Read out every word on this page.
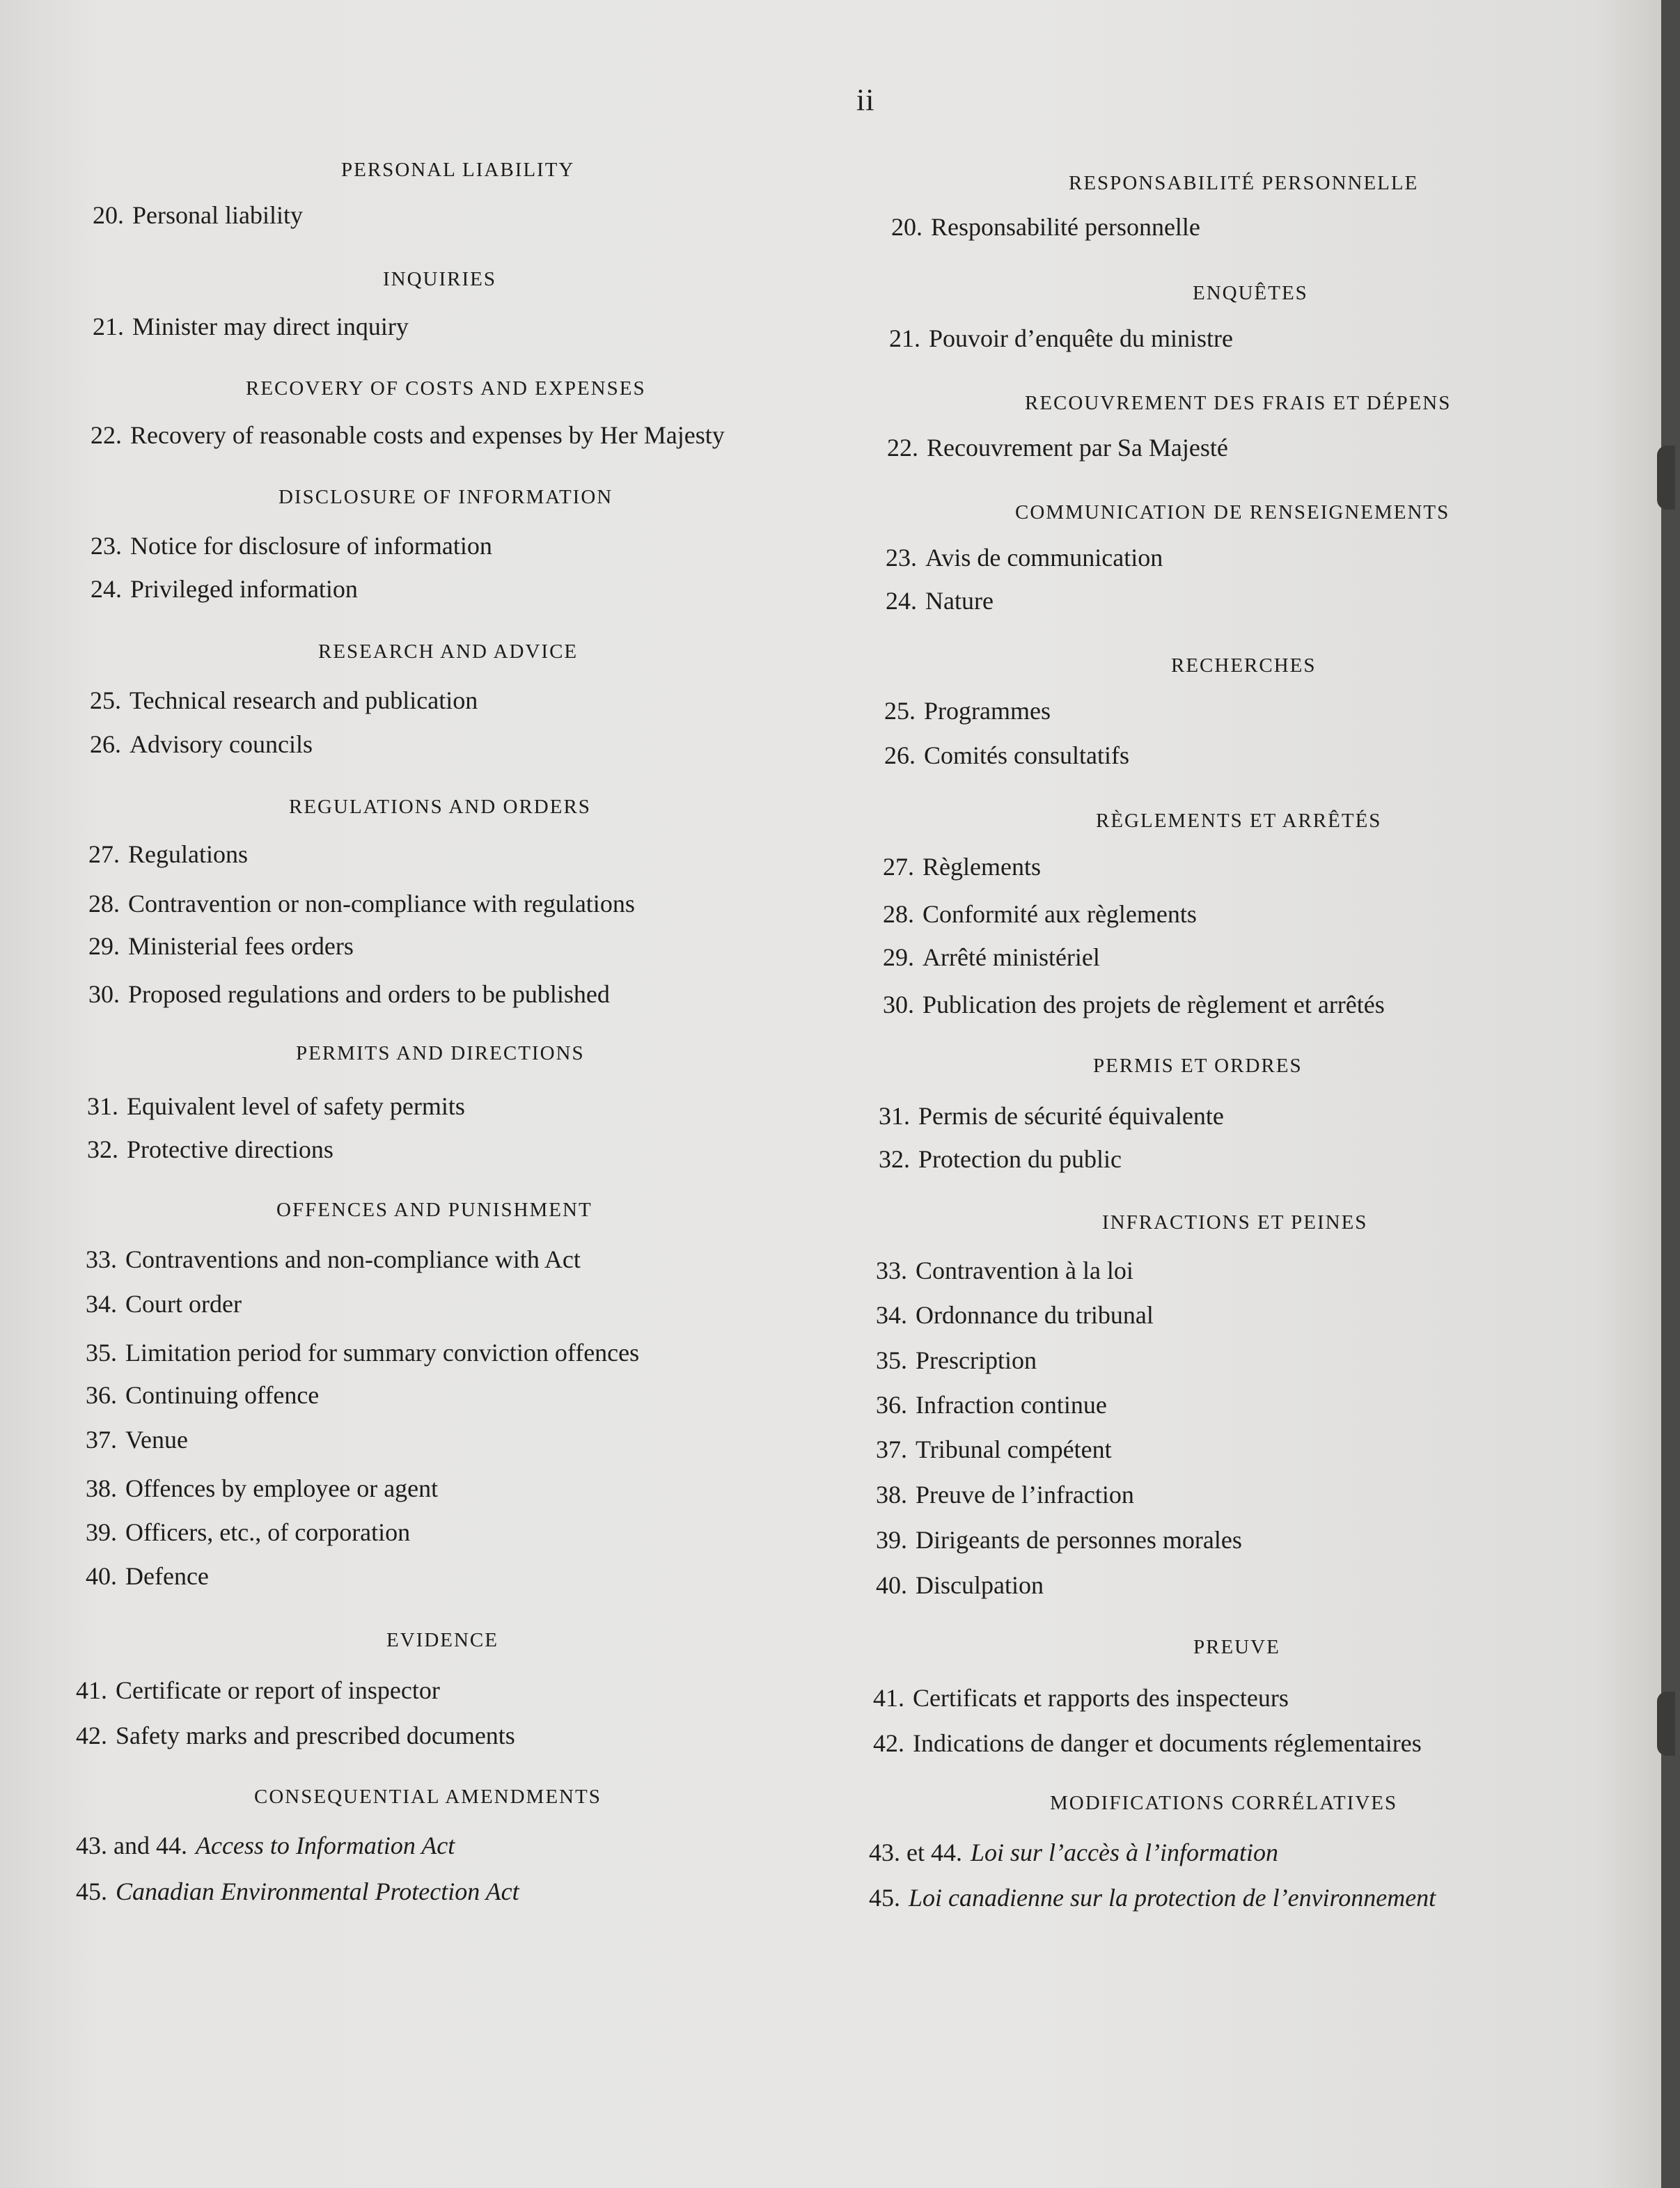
ii
PERSONAL LIABILITY
20. Personal liability
INQUIRIES
21. Minister may direct inquiry
RECOVERY OF COSTS AND EXPENSES
22. Recovery of reasonable costs and expenses by Her Majesty
DISCLOSURE OF INFORMATION
23. Notice for disclosure of information
24. Privileged information
RESEARCH AND ADVICE
25. Technical research and publication
26. Advisory councils
REGULATIONS AND ORDERS
27. Regulations
28. Contravention or non-compliance with regulations
29. Ministerial fees orders
30. Proposed regulations and orders to be published
PERMITS AND DIRECTIONS
31. Equivalent level of safety permits
32. Protective directions
OFFENCES AND PUNISHMENT
33. Contraventions and non-compliance with Act
34. Court order
35. Limitation period for summary conviction offences
36. Continuing offence
37. Venue
38. Offences by employee or agent
39. Officers, etc., of corporation
40. Defence
EVIDENCE
41. Certificate or report of inspector
42. Safety marks and prescribed documents
CONSEQUENTIAL AMENDMENTS
43. and 44. Access to Information Act
45. Canadian Environmental Protection Act
RESPONSABILITÉ PERSONNELLE
20. Responsabilité personnelle
ENQUÊTES
21. Pouvoir d’enquête du ministre
RECOUVREMENT DES FRAIS ET DÉPENS
22. Recouvrement par Sa Majesté
COMMUNICATION DE RENSEIGNEMENTS
23. Avis de communication
24. Nature
RECHERCHES
25. Programmes
26. Comités consultatifs
RÈGLEMENTS ET ARRÊTÉS
27. Règlements
28. Conformité aux règlements
29. Arrêté ministériel
30. Publication des projets de règlement et arrêtés
PERMIS ET ORDRES
31. Permis de sécurité équivalente
32. Protection du public
INFRACTIONS ET PEINES
33. Contravention à la loi
34. Ordonnance du tribunal
35. Prescription
36. Infraction continue
37. Tribunal compétent
38. Preuve de l’infraction
39. Dirigeants de personnes morales
40. Disculpation
PREUVE
41. Certificats et rapports des inspecteurs
42. Indications de danger et documents réglementaires
MODIFICATIONS CORRÉLATIVES
43. et 44. Loi sur l’accès à l’information
45. Loi canadienne sur la protection de l’environnement
